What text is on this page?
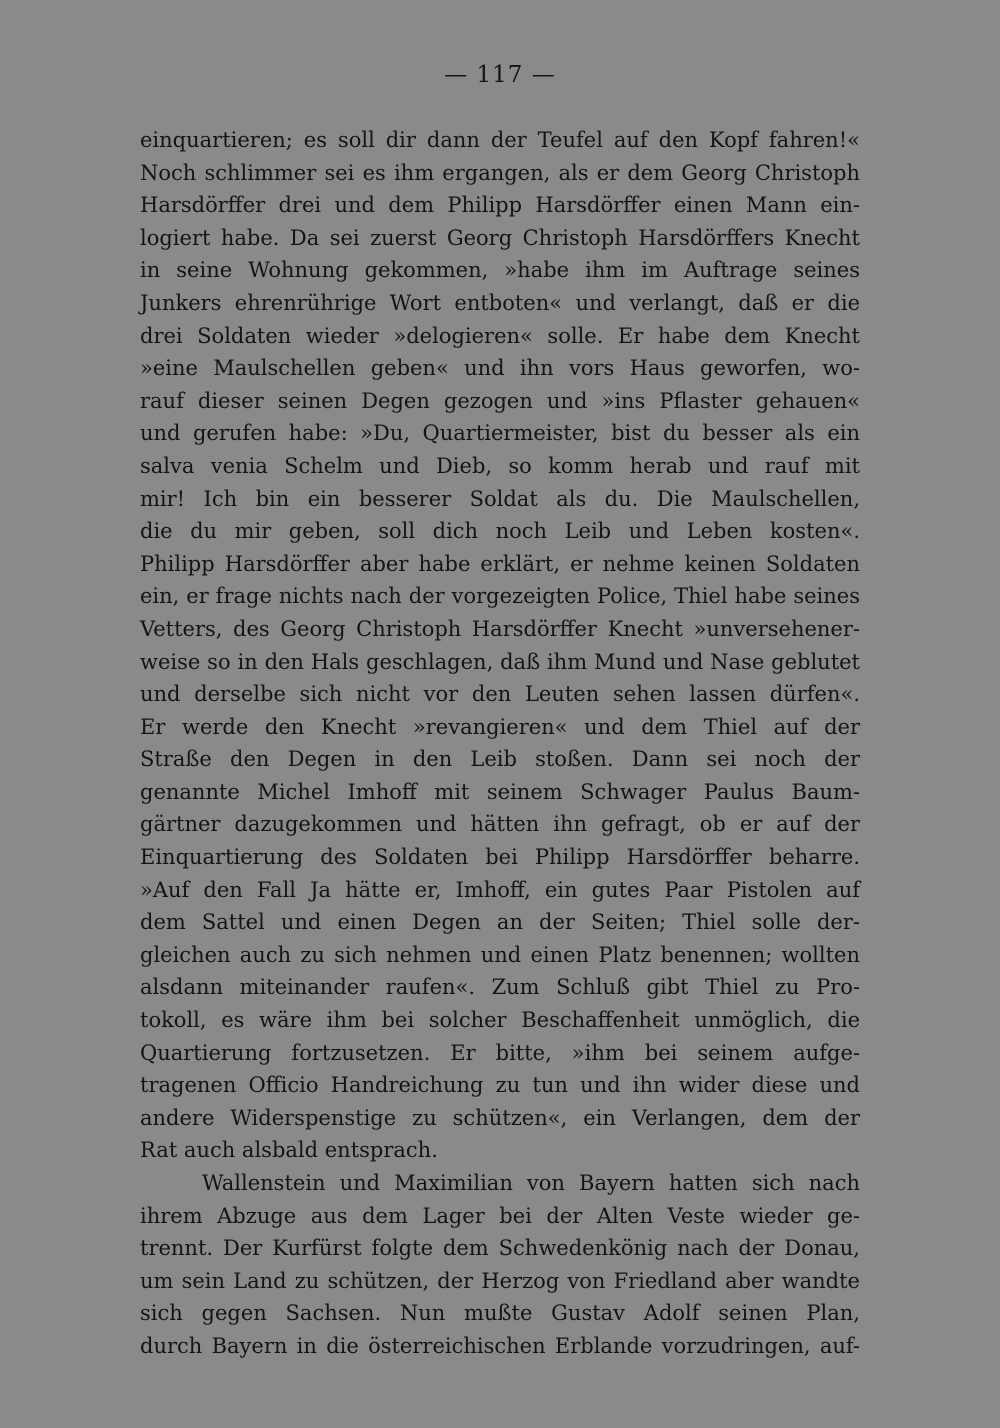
— 117 —
einquartieren; es soll dir dann der Teufel auf den Kopf fahren!«
Noch schlimmer sei es ihm ergangen, als er dem Georg Christoph
Harsdörffer drei und dem Philipp Harsdörffer einen Mann ein-
logiert habe. Da sei zuerst Georg Christoph Harsdörffers Knecht
in seine Wohnung gekommen, »habe ihm im Auftrage seines
Junkers ehrenrührige Wort entboten« und verlangt, daß er die
drei Soldaten wieder »delogieren« solle. Er habe dem Knecht
»eine Maulschellen geben« und ihn vors Haus geworfen, wo-
rauf dieser seinen Degen gezogen und »ins Pflaster gehauen«
und gerufen habe: »Du, Quartiermeister, bist du besser als ein
salva venia Schelm und Dieb, so komm herab und rauf mit
mir! Ich bin ein besserer Soldat als du. Die Maulschellen,
die du mir geben, soll dich noch Leib und Leben kosten«.
Philipp Harsdörffer aber habe erklärt, er nehme keinen Soldaten
ein, er frage nichts nach der vorgezeigten Police, Thiel habe seines
Vetters, des Georg Christoph Harsdörffer Knecht »unversehener-
weise so in den Hals geschlagen, daß ihm Mund und Nase geblutet
und derselbe sich nicht vor den Leuten sehen lassen dürfen«.
Er werde den Knecht »revangieren« und dem Thiel auf der
Straße den Degen in den Leib stoßen. Dann sei noch der
genannte Michel Imhoff mit seinem Schwager Paulus Baum-
gärtner dazugekommen und hätten ihn gefragt, ob er auf der
Einquartierung des Soldaten bei Philipp Harsdörffer beharre.
»Auf den Fall Ja hätte er, Imhoff, ein gutes Paar Pistolen auf
dem Sattel und einen Degen an der Seiten; Thiel solle der-
gleichen auch zu sich nehmen und einen Platz benennen; wollten
alsdann miteinander raufen«. Zum Schluß gibt Thiel zu Pro-
tokoll, es wäre ihm bei solcher Beschaffenheit unmöglich, die
Quartierung fortzusetzen. Er bitte, »ihm bei seinem aufge-
tragenen Officio Handreichung zu tun und ihn wider diese und
andere Widerspenstige zu schützen«, ein Verlangen, dem der
Rat auch alsbald entsprach.
Wallenstein und Maximilian von Bayern hatten sich nach
ihrem Abzuge aus dem Lager bei der Alten Veste wieder ge-
trennt. Der Kurfürst folgte dem Schwedenkönig nach der Donau,
um sein Land zu schützen, der Herzog von Friedland aber wandte
sich gegen Sachsen. Nun mußte Gustav Adolf seinen Plan,
durch Bayern in die österreichischen Erblande vorzudringen, auf-
